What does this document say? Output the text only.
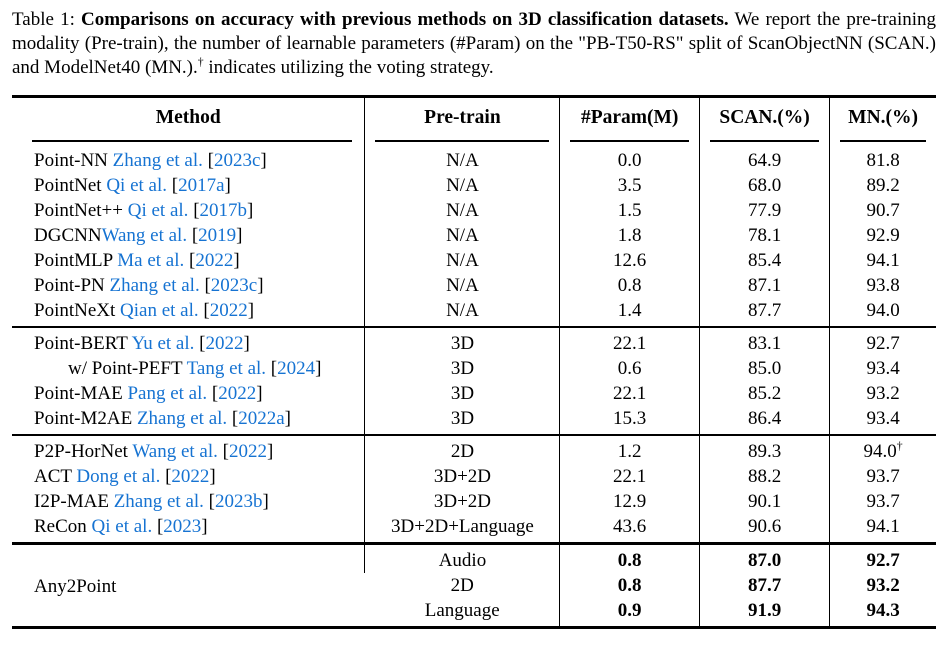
Table 1: Comparisons on accuracy with previous methods on 3D classification datasets. We report the pre-training modality (Pre-train), the number of learnable parameters (#Param) on the "PB-T50-RS" split of ScanObjectNN (SCAN.) and ModelNet40 (MN.).† indicates utilizing the voting strategy.
Method	Pre-train	#Param(M)	SCAN.(%)	MN.(%)

Point-NN Zhang et al. [2023c]	N/A	0.0	64.9	81.8
PointNet Qi et al. [2017a]	N/A	3.5	68.0	89.2
PointNet++ Qi et al. [2017b]	N/A	1.5	77.9	90.7
DGCNNWang et al. [2019]	N/A	1.8	78.1	92.9
PointMLP Ma et al. [2022]	N/A	12.6	85.4	94.1
Point-PN Zhang et al. [2023c]	N/A	0.8	87.1	93.8
PointNeXt Qian et al. [2022]	N/A	1.4	87.7	94.0
Point-BERT Yu et al. [2022]	3D	22.1	83.1	92.7
w/ Point-PEFT Tang et al. [2024]	3D	0.6	85.0	93.4
Point-MAE Pang et al. [2022]	3D	22.1	85.2	93.2
Point-M2AE Zhang et al. [2022a]	3D	15.3	86.4	93.4
P2P-HorNet Wang et al. [2022]	2D	1.2	89.3	94.0†
ACT Dong et al. [2022]	3D+2D	22.1	88.2	93.7
I2P-MAE Zhang et al. [2023b]	3D+2D	12.9	90.1	93.7
ReCon Qi et al. [2023]	3D+2D+Language	43.6	90.6	94.1
Any2Point	Audio	0.8	87.0	92.7
	2D	0.8	87.7	93.2
	Language	0.9	91.9	94.3
